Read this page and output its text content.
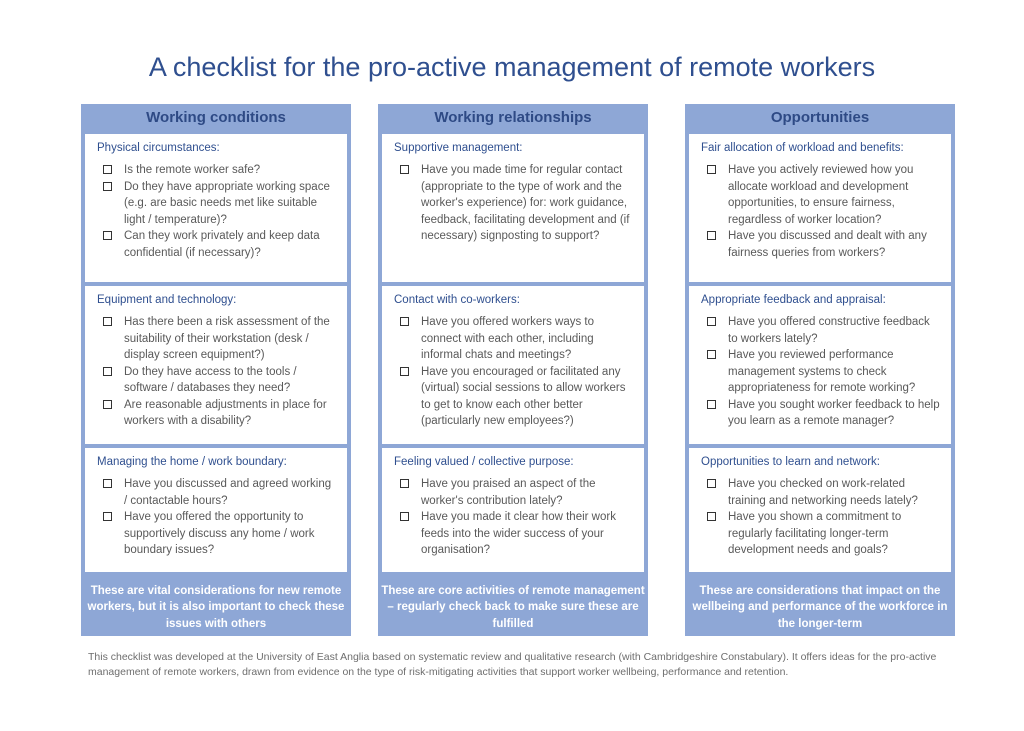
A checklist for the pro-active management of remote workers
Working conditions
Physical circumstances:
Is the remote worker safe?
Do they have appropriate working space (e.g. are basic needs met like suitable light / temperature)?
Can they work privately and keep data confidential (if necessary)?
Equipment and technology:
Has there been a risk assessment of the suitability of their workstation (desk / display screen equipment?)
Do they have access to the tools / software / databases they need?
Are reasonable adjustments in place for workers with a disability?
Managing the home / work boundary:
Have you discussed and agreed working / contactable hours?
Have you offered the opportunity to supportively discuss any home / work boundary issues?
These are vital considerations for new remote workers, but it is also important to check these issues with others
Working relationships
Supportive management:
Have you made time for regular contact (appropriate to the type of work and the worker's experience) for: work guidance, feedback, facilitating development and (if necessary) signposting to support?
Contact with co-workers:
Have you offered workers ways to connect with each other, including informal chats and meetings?
Have you encouraged or facilitated any (virtual) social sessions to allow workers to get to know each other better (particularly new employees?)
Feeling valued / collective purpose:
Have you praised an aspect of the worker's contribution lately?
Have you made it clear how their work feeds into the wider success of your organisation?
These are core activities of remote management – regularly check back to make sure these are fulfilled
Opportunities
Fair allocation of workload and benefits:
Have you actively reviewed how you allocate workload and development opportunities, to ensure fairness, regardless of worker location?
Have you discussed and dealt with any fairness queries from workers?
Appropriate feedback and appraisal:
Have you offered constructive feedback to workers lately?
Have you reviewed performance management systems to check appropriateness for remote working?
Have you sought worker feedback to help you learn as a remote manager?
Opportunities to learn and network:
Have you checked on work-related training and networking needs lately?
Have you shown a commitment to regularly facilitating longer-term development needs and goals?
These are considerations that impact on the wellbeing and performance of the workforce in the longer-term
This checklist was developed at the University of East Anglia based on systematic review and qualitative research (with Cambridgeshire Constabulary). It offers ideas for the pro-active management of remote workers, drawn from evidence on the type of risk-mitigating activities that support worker wellbeing, performance and retention.
